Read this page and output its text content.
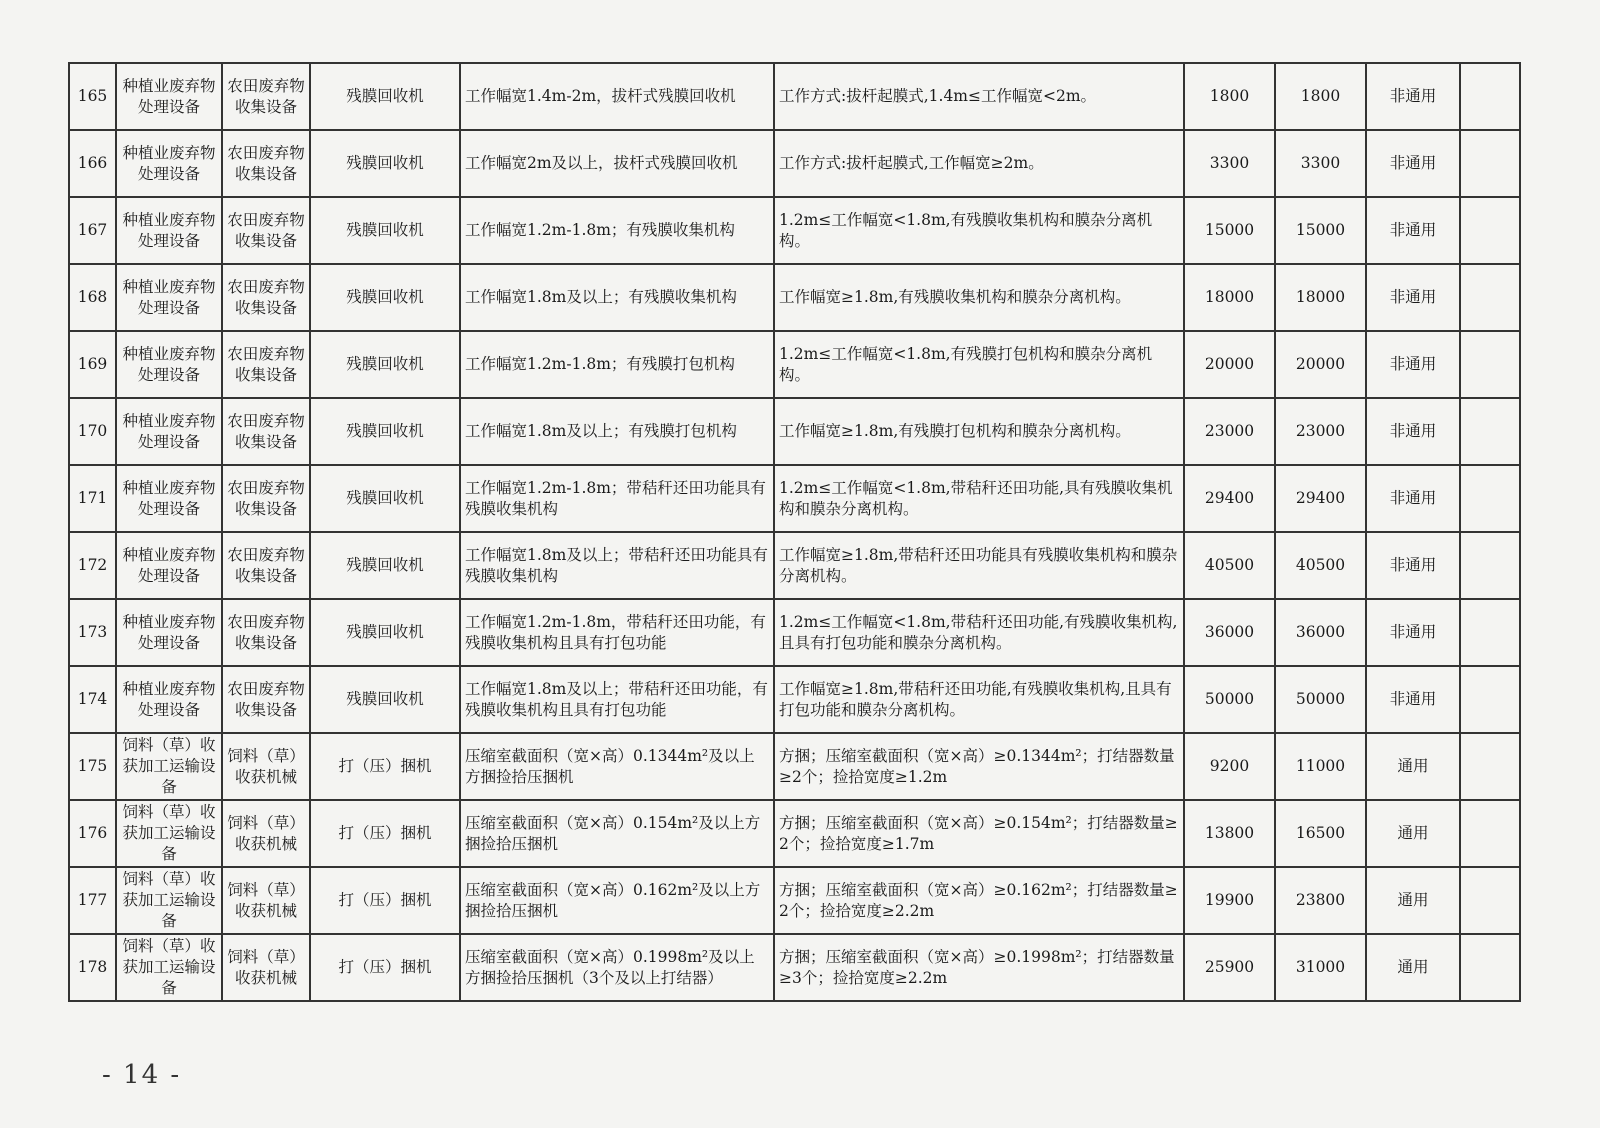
165	种植业废弃物处理设备	农田废弃物收集设备	残膜回收机	工作幅宽1.4m-2m，拔杆式残膜回收机	工作方式:拔杆起膜式,1.4m≤工作幅宽<2m。	1800	1800	非通用	
166	种植业废弃物处理设备	农田废弃物收集设备	残膜回收机	工作幅宽2m及以上，拔杆式残膜回收机	工作方式:拔杆起膜式,工作幅宽≥2m。	3300	3300	非通用	
167	种植业废弃物处理设备	农田废弃物收集设备	残膜回收机	工作幅宽1.2m-1.8m；有残膜收集机构	1.2m≤工作幅宽<1.8m,有残膜收集机构和膜杂分离机构。	15000	15000	非通用	
168	种植业废弃物处理设备	农田废弃物收集设备	残膜回收机	工作幅宽1.8m及以上；有残膜收集机构	工作幅宽≥1.8m,有残膜收集机构和膜杂分离机构。	18000	18000	非通用	
169	种植业废弃物处理设备	农田废弃物收集设备	残膜回收机	工作幅宽1.2m-1.8m；有残膜打包机构	1.2m≤工作幅宽<1.8m,有残膜打包机构和膜杂分离机构。	20000	20000	非通用	
170	种植业废弃物处理设备	农田废弃物收集设备	残膜回收机	工作幅宽1.8m及以上；有残膜打包机构	工作幅宽≥1.8m,有残膜打包机构和膜杂分离机构。	23000	23000	非通用	
171	种植业废弃物处理设备	农田废弃物收集设备	残膜回收机	工作幅宽1.2m-1.8m；带秸秆还田功能具有残膜收集机构	1.2m≤工作幅宽<1.8m,带秸秆还田功能,具有残膜收集机构和膜杂分离机构。	29400	29400	非通用	
172	种植业废弃物处理设备	农田废弃物收集设备	残膜回收机	工作幅宽1.8m及以上；带秸秆还田功能具有残膜收集机构	工作幅宽≥1.8m,带秸秆还田功能具有残膜收集机构和膜杂分离机构。	40500	40500	非通用	
173	种植业废弃物处理设备	农田废弃物收集设备	残膜回收机	工作幅宽1.2m-1.8m，带秸秆还田功能，有残膜收集机构且具有打包功能	1.2m≤工作幅宽<1.8m,带秸秆还田功能,有残膜收集机构,且具有打包功能和膜杂分离机构。	36000	36000	非通用	
174	种植业废弃物处理设备	农田废弃物收集设备	残膜回收机	工作幅宽1.8m及以上；带秸秆还田功能，有残膜收集机构且具有打包功能	工作幅宽≥1.8m,带秸秆还田功能,有残膜收集机构,且具有打包功能和膜杂分离机构。	50000	50000	非通用	
175	饲料（草）收获加工运输设备	饲料（草）收获机械	打（压）捆机	压缩室截面积（宽×高）0.1344m²及以上方捆捡拾压捆机	方捆；压缩室截面积（宽×高）≥0.1344m²；打结器数量≥2个；捡拾宽度≥1.2m	9200	11000	通用	
176	饲料（草）收获加工运输设备	饲料（草）收获机械	打（压）捆机	压缩室截面积（宽×高）0.154m²及以上方捆捡拾压捆机	方捆；压缩室截面积（宽×高）≥0.154m²；打结器数量≥2个；捡拾宽度≥1.7m	13800	16500	通用	
177	饲料（草）收获加工运输设备	饲料（草）收获机械	打（压）捆机	压缩室截面积（宽×高）0.162m²及以上方捆捡拾压捆机	方捆；压缩室截面积（宽×高）≥0.162m²；打结器数量≥2个；捡拾宽度≥2.2m	19900	23800	通用	
178	饲料（草）收获加工运输设备	饲料（草）收获机械	打（压）捆机	压缩室截面积（宽×高）0.1998m²及以上方捆捡拾压捆机（3个及以上打结器）	方捆；压缩室截面积（宽×高）≥0.1998m²；打结器数量≥3个；捡拾宽度≥2.2m	25900	31000	通用	
- 14 -
